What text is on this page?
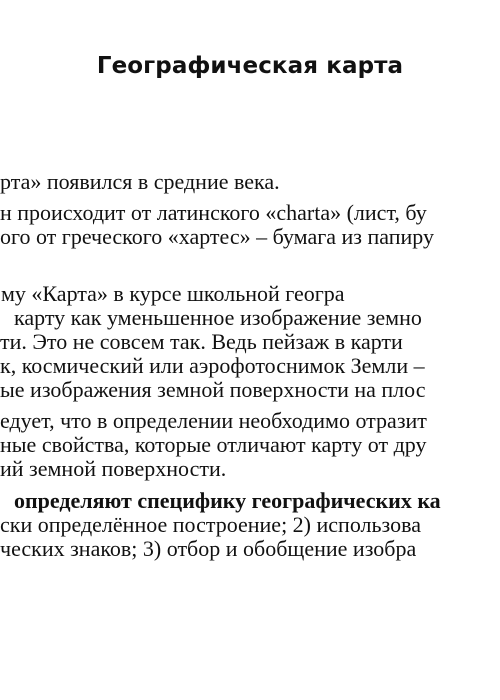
Географическая карта
рта» появился в средние века.
н происходит от латинского «charta» (лист, бу
ого от греческого «хартес» – бумага из папиру
му «Карта» в курсе школьной геогра
карту как уменьшенное изображение земно
ти. Это не совсем так. Ведь пейзаж в карти
к, космический или аэрофотоснимок Земли –
ые изображения земной поверхности на плос
едует, что в определении необходимо отразит
ные свойства, которые отличают карту от дру
ий земной поверхности.
определяют специфику географических ка
ски определённое построение; 2) использова
ческих знаков; 3) отбор и обобщение изобра
